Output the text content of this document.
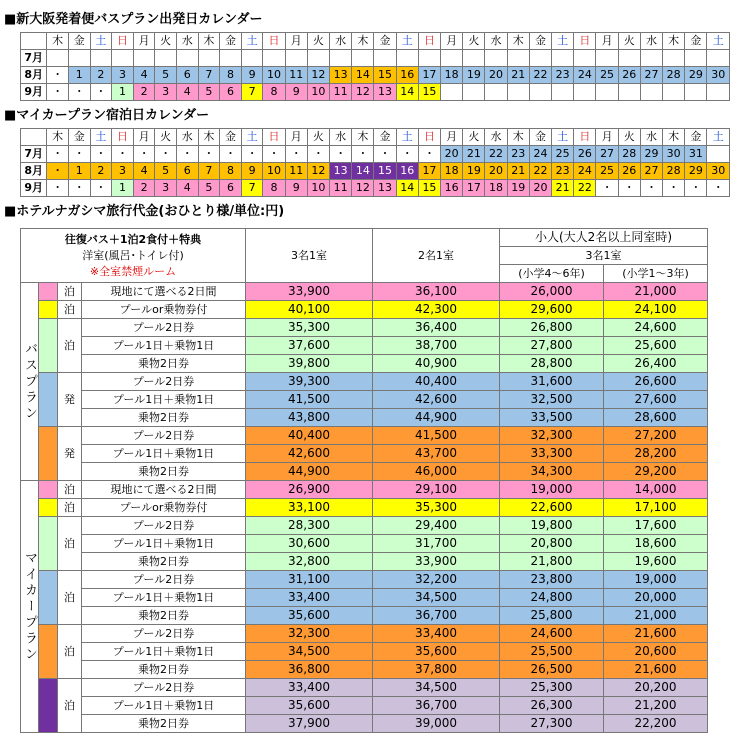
■新大阪発着便バスプラン出発日カレンダー
	木	金	土	日	月	火	水	木	金	土	日	月	火	水	木	金	土	日	月	火	水	木	金	土	日	月	火	水	木	金	土
7月																															
8月	・	1	2	3	4	5	6	7	8	9	10	11	12	13	14	15	16	17	18	19	20	21	22	23	24	25	26	27	28	29	30
9月	・	・	・	1	2	3	4	5	6	7	8	9	10	11	12	13	14	15													
■マイカープラン宿泊日カレンダー
	木	金	土	日	月	火	水	木	金	土	日	月	火	水	木	金	土	日	月	火	水	木	金	土	日	月	火	水	木	金	土
7月	・	・	・	・	・	・	・	・	・	・	・	・	・	・	・	・	・	・	20	21	22	23	24	25	26	27	28	29	30	31	
8月	・	1	2	3	4	5	6	7	8	9	10	11	12	13	14	15	16	17	18	19	20	21	22	23	24	25	26	27	28	29	30
9月	・	・	・	1	2	3	4	5	6	7	8	9	10	11	12	13	14	15	16	17	18	19	20	21	22	・	・	・	・	・	・
■ホテルナガシマ旅行代金(おひとり様/単位:円)
往復バス＋1泊2食付＋特典
洋室(風呂･トイレ付)
※全室禁煙ルーム				3名1室	2名1室	小人(大人2名以上同室時)	
						3名1室	
						(小学4～6年)	(小学1～3年)
バスプラン		泊	現地にて選べる2日間	33,900	36,100	26,000	21,000
		泊	プールor乗物券付	40,100	42,300	29,600	24,100
		泊	プール2日券	35,300	36,400	26,800	24,600
			プール1日＋乗物1日	37,600	38,700	27,800	25,600
			乗物2日券	39,800	40,900	28,800	26,400
		発	プール2日券	39,300	40,400	31,600	26,600
			プール1日＋乗物1日	41,500	42,600	32,500	27,600
			乗物2日券	43,800	44,900	33,500	28,600
		発	プール2日券	40,400	41,500	32,300	27,200
			プール1日＋乗物1日	42,600	43,700	33,300	28,200
			乗物2日券	44,900	46,000	34,300	29,200
マイカープラン		泊	現地にて選べる2日間	26,900	29,100	19,000	14,000
		泊	プールor乗物券付	33,100	35,300	22,600	17,100
		泊	プール2日券	28,300	29,400	19,800	17,600
			プール1日＋乗物1日	30,600	31,700	20,800	18,600
			乗物2日券	32,800	33,900	21,800	19,600
		泊	プール2日券	31,100	32,200	23,800	19,000
			プール1日＋乗物1日	33,400	34,500	24,800	20,000
			乗物2日券	35,600	36,700	25,800	21,000
		泊	プール2日券	32,300	33,400	24,600	21,600
			プール1日＋乗物1日	34,500	35,600	25,500	20,600
			乗物2日券	36,800	37,800	26,500	21,600
		泊	プール2日券	33,400	34,500	25,300	20,200
			プール1日＋乗物1日	35,600	36,700	26,300	21,200
			乗物2日券	37,900	39,000	27,300	22,200
